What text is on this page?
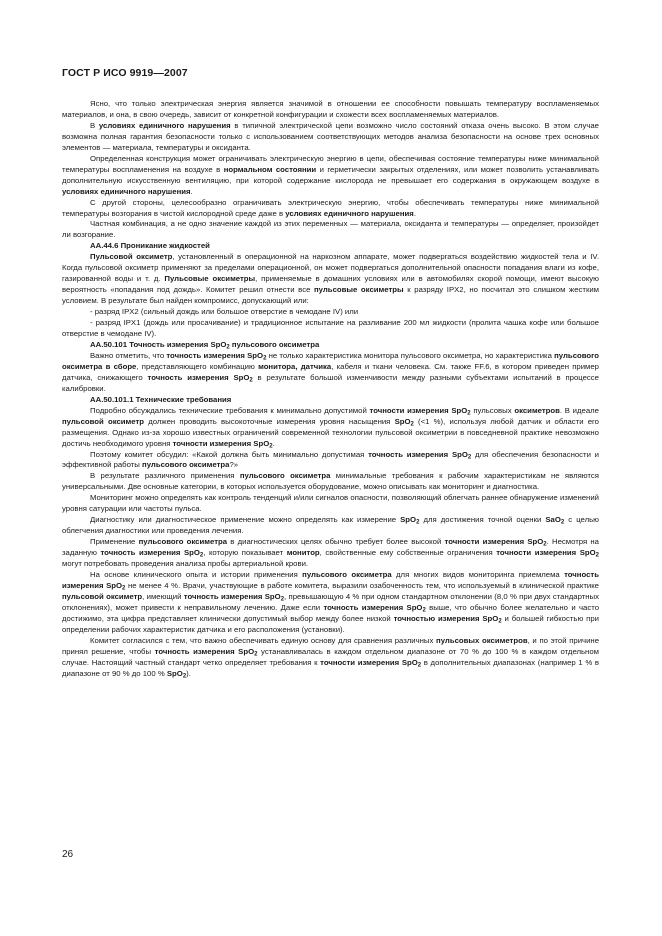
ГОСТ Р ИСО 9919—2007

Ясно, что только электрическая энергия является значимой в отношении ее способности повышать температуру воспламеняемых материалов, и она, в свою очередь, зависит от конкретной конфигурации и схожести всех воспламеняемых материалов.

В условиях единичного нарушения в типичной электрической цепи возможно число состояний отказа очень высоко. В этом случае возможна полная гарантия безопасности только с использованием соответствующих методов анализа безопасности на основе трех основных элементов — материала, температуры и оксиданта.

Определенная конструкция может ограничивать электрическую энергию в цепи, обеспечивая состояние температуры ниже минимальной температуры воспламенения на воздухе в нормальном состоянии и герметически закрытых отделениях, или может позволить устанавливать дополнительную искусственную вентиляцию, при которой содержание кислорода не превышает его содержания в окружающем воздухе в условиях единичного нарушения.

С другой стороны, целесообразно ограничивать электрическую энергию, чтобы обеспечивать температуры ниже минимальной температуры возгорания в чистой кислородной среде даже в условиях единичного нарушения.

Частная комбинация, а не одно значение каждой из этих переменных — материала, оксиданта и температуры — определяет, произойдет ли возгорание.

АА.44.6 Проникание жидкостей

Пульсовой оксиметр, установленный в операционной на наркозном аппарате, может подвергаться воздействию жидкостей тела и IV. Когда пульсовой оксиметр применяют за пределами операционной, он может подвергаться дополнительной опасности попадания влаги из кофе, газированной воды и т. д. Пульсовые оксиметры, применяемые в домашних условиях или в автомобилях скорой помощи, имеют высокую вероятность «попадания под дождь». Комитет решил отнести все пульсовые оксиметры к разряду IPX2, но посчитал это слишком жестким условием. В результате был найден компромисс, допускающий или:

- разряд IPX2 (сильный дождь или большое отверстие в чемодане IV) или

- разряд IPX1 (дождь или просачивание) и традиционное испытание на разливание 200 мл жидкости (пролита чашка кофе или большое отверстие в чемодане IV).

АА.50.101 Точность измерения SpO$_2$ пульсового оксиметра

Важно отметить, что точность измерения SpO$_2$ не только характеристика монитора пульсового оксиметра, но характеристика пульсового оксиметра в сборе, представляющего комбинацию монитора, датчика, кабеля и ткани человека. См. также FF.6, в котором приведен пример датчика, снижающего точность измерения SpO$_2$ в результате большой изменчивости между разными субъектами испытаний в процессе калибровки.

АА.50.101.1 Технические требования

Подробно обсуждались технические требования к минимально допустимой точности измерения SpO$_2$ пульсовых оксиметров. В идеале пульсовой оксиметр должен проводить высокоточные измерения уровня насыщения SpO$_2$ (<1 %), используя любой датчик и области его размещения. Однако из-за хорошо известных ограничений современной технологии пульсовой оксиметрии в повседневной практике невозможно достичь необходимого уровня точности измерения SpO$_2$.

Поэтому комитет обсудил: «Какой должна быть минимально допустимая точность измерения SpO$_2$ для обеспечения безопасности и эффективной работы пульсового оксиметра?»

В результате различного применения пульсового оксиметра минимальные требования к рабочим характеристикам не являются универсальными. Две основные категории, в которых используется оборудование, можно описывать как мониторинг и диагностика.

Мониторинг можно определять как контроль тенденций и/или сигналов опасности, позволяющий облегчать раннее обнаружение изменений уровня сатурации или частоты пульса.

Диагностику или диагностическое применение можно определять как измерение SpO$_2$ для достижения точной оценки SaO$_2$ с целью облегчения диагностики или проведения лечения.

Применение пульсового оксиметра в диагностических целях обычно требует более высокой точности измерения SpO$_2$. Несмотря на заданную точность измерения SpO$_2$, которую показывает монитор, свойственные ему собственные ограничения точности измерения SpO$_2$ могут потребовать проведения анализа пробы артериальной крови.

На основе клинического опыта и истории применения пульсового оксиметра для многих видов мониторинга приемлема точность измерения SpO$_2$ не менее 4 %. Врачи, участвующие в работе комитета, выразили озабоченность тем, что используемый в клинической практике пульсовой оксиметр, имеющий точность измерения SpO$_2$, превышающую 4 % при одном стандартном отклонении (8,0 % при двух стандартных отклонениях), может привести к неправильному лечению. Даже если точность измерения SpO$_2$ выше, что обычно более желательно и часто достижимо, эта цифра представляет клинически допустимый выбор между более низкой точностью измерения SpO$_2$ и большей гибкостью при определении рабочих характеристик датчика и его расположения (установки).

Комитет согласился с тем, что важно обеспечивать единую основу для сравнения различных пульсовых оксиметров, и по этой причине принял решение, чтобы точность измерения SpO$_2$ устанавливалась в каждом отдельном диапазоне от 70 % до 100 % в каждом отдельном случае. Настоящий частный стандарт четко определяет требования к точности измерения SpO$_2$ в дополнительных диапазонах (например 1 % в диапазоне от 90 % до 100 % SpO$_2$).

26
